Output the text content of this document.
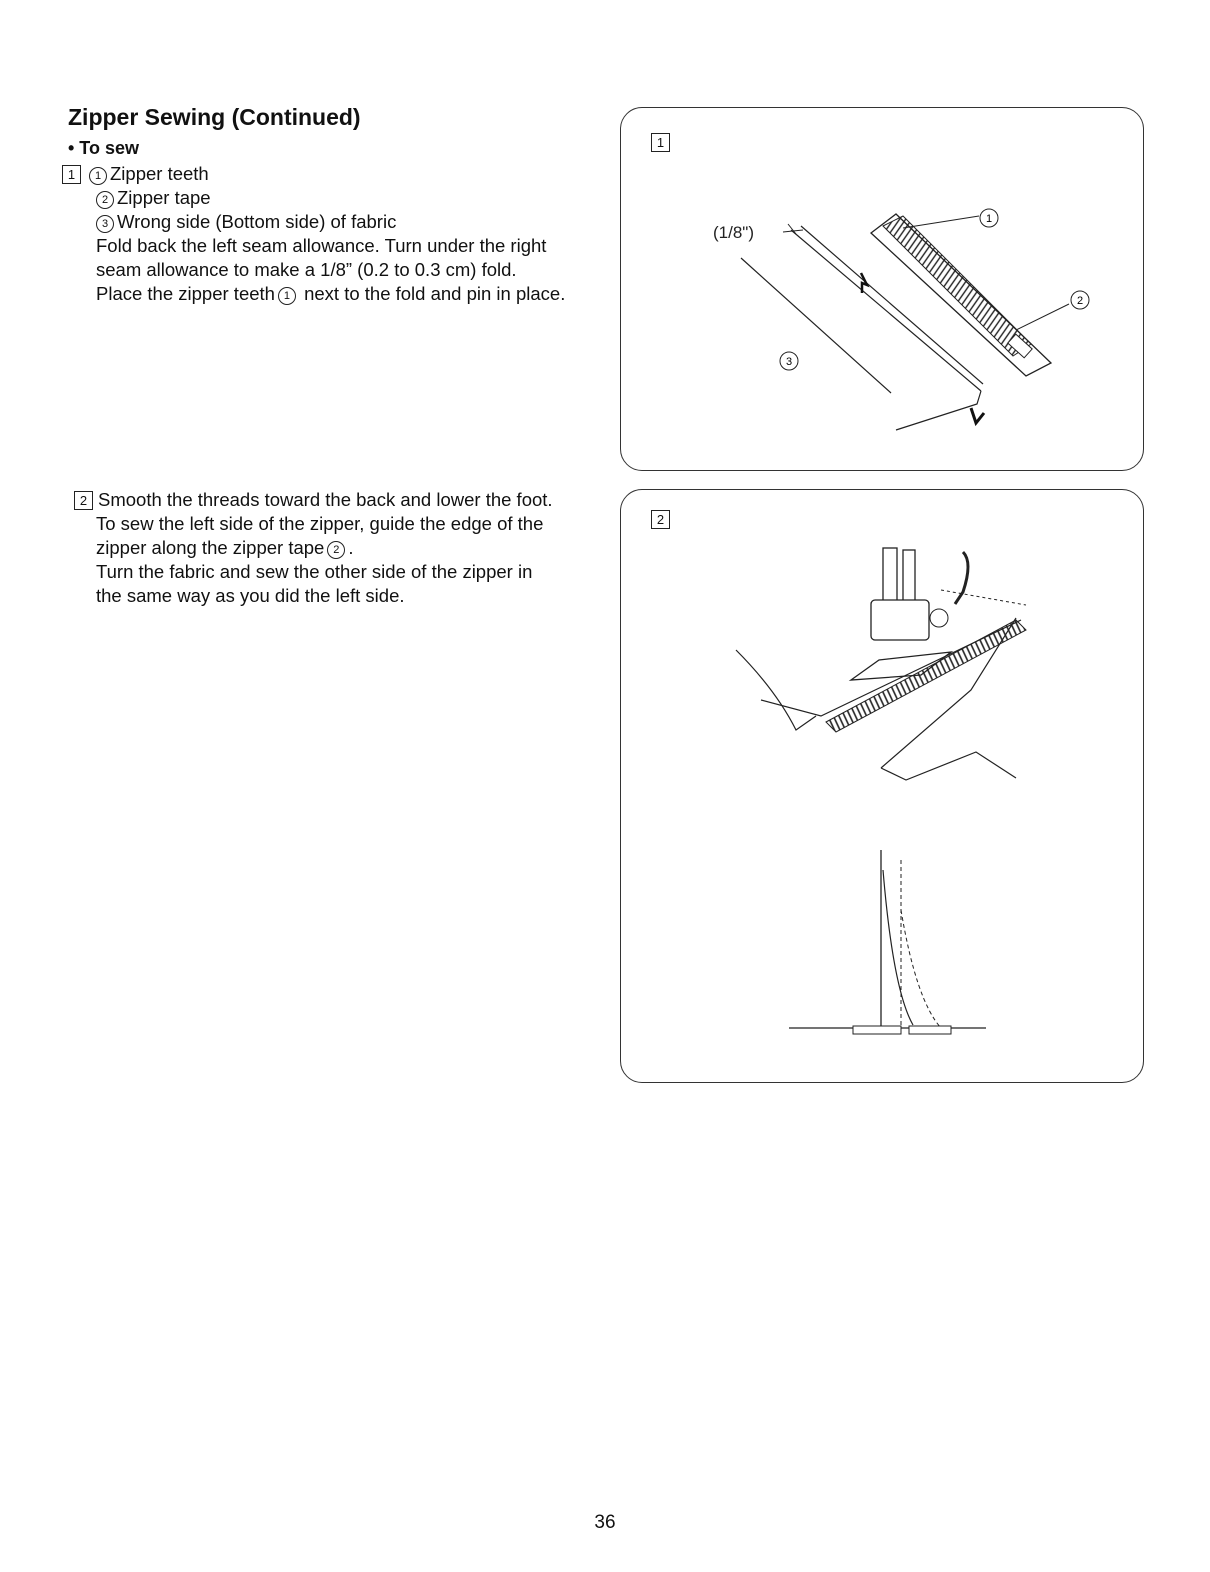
Zipper Sewing (Continued)
• To sew
1 1 Zipper teeth
2 Zipper tape
3 Wrong side (Bottom side) of fabric
Fold back the left seam allowance. Turn under the right
seam allowance to make a 1/8” (0.2 to 0.3 cm) fold.
Place the zipper teeth 1 next to the fold and pin in place.
2 Smooth the threads toward the back and lower the foot.
To sew the left side of the zipper, guide the edge of the
zipper along the zipper tape 2 .
Turn the fabric and sew the other side of the zipper in
the same way as you did the left side.
1
(1/8")
1
2
3
2
36
